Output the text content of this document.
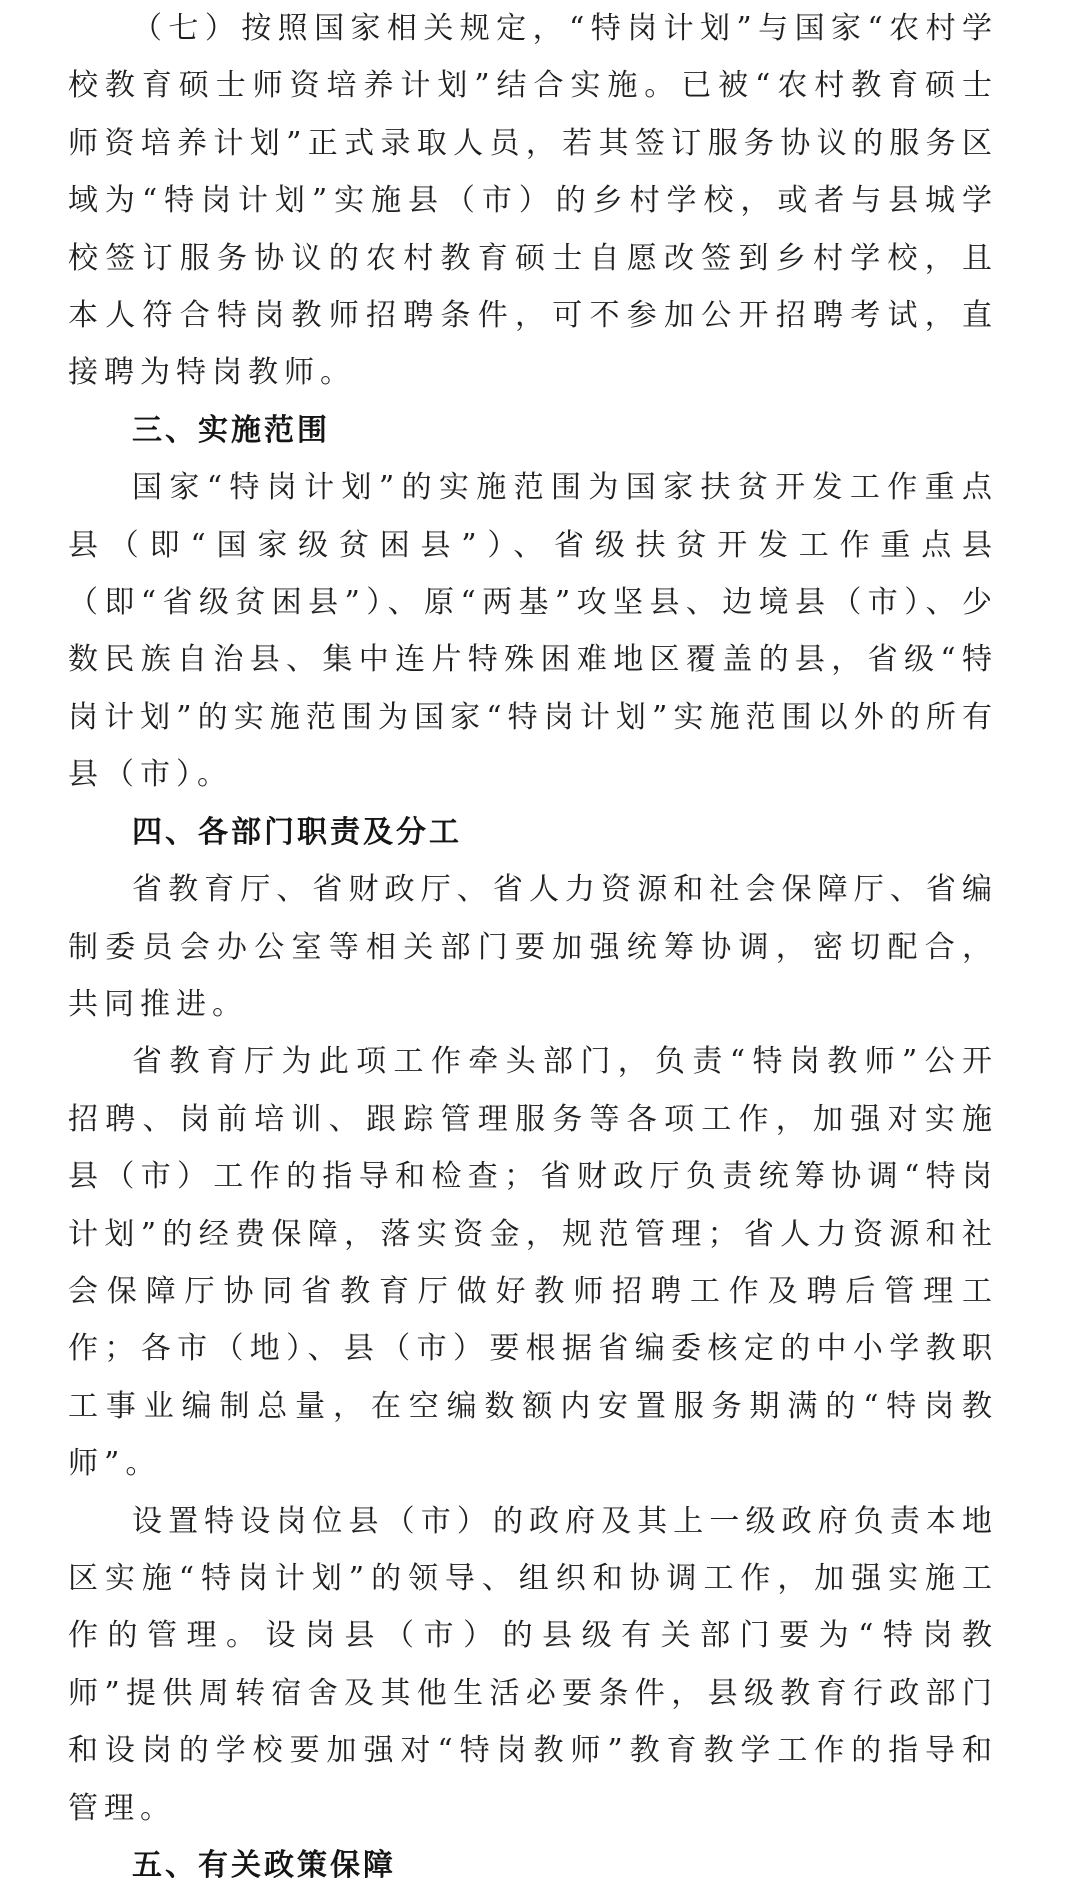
（七）按照国家相关规定，“特岗计划”与国家“农村学校教育硕士师资培养计划”结合实施。已被“农村教育硕士师资培养计划”正式录取人员，若其签订服务协议的服务区域为“特岗计划”实施县（市）的乡村学校，或者与县城学校签订服务协议的农村教育硕士自愿改签到乡村学校，且本人符合特岗教师招聘条件，可不参加公开招聘考试，直接聘为特岗教师。

三、实施范围

国家“特岗计划”的实施范围为国家扶贫开发工作重点县（即“国家级贫困县”）、省级扶贫开发工作重点县（即“省级贫困县”）、原“两基”攻坚县、边境县（市）、少数民族自治县、集中连片特殊困难地区覆盖的县，省级“特岗计划”的实施范围为国家“特岗计划”实施范围以外的所有县（市）。

四、各部门职责及分工

省教育厅、省财政厅、省人力资源和社会保障厅、省编制委员会办公室等相关部门要加强统筹协调，密切配合，共同推进。

省教育厅为此项工作牵头部门，负责“特岗教师”公开招聘、岗前培训、跟踪管理服务等各项工作，加强对实施县（市）工作的指导和检查；省财政厅负责统筹协调“特岗计划”的经费保障，落实资金，规范管理；省人力资源和社会保障厅协同省教育厅做好教师招聘工作及聘后管理工作；各市（地）、县（市）要根据省编委核定的中小学教职工事业编制总量，在空编数额内安置服务期满的“特岗教师”。

设置特设岗位县（市）的政府及其上一级政府负责本地区实施“特岗计划”的领导、组织和协调工作，加强实施工作的管理。设岗县（市）的县级有关部门要为“特岗教师”提供周转宿舍及其他生活必要条件，县级教育行政部门和设岗的学校要加强对“特岗教师”教育教学工作的指导和管理。

五、有关政策保障
